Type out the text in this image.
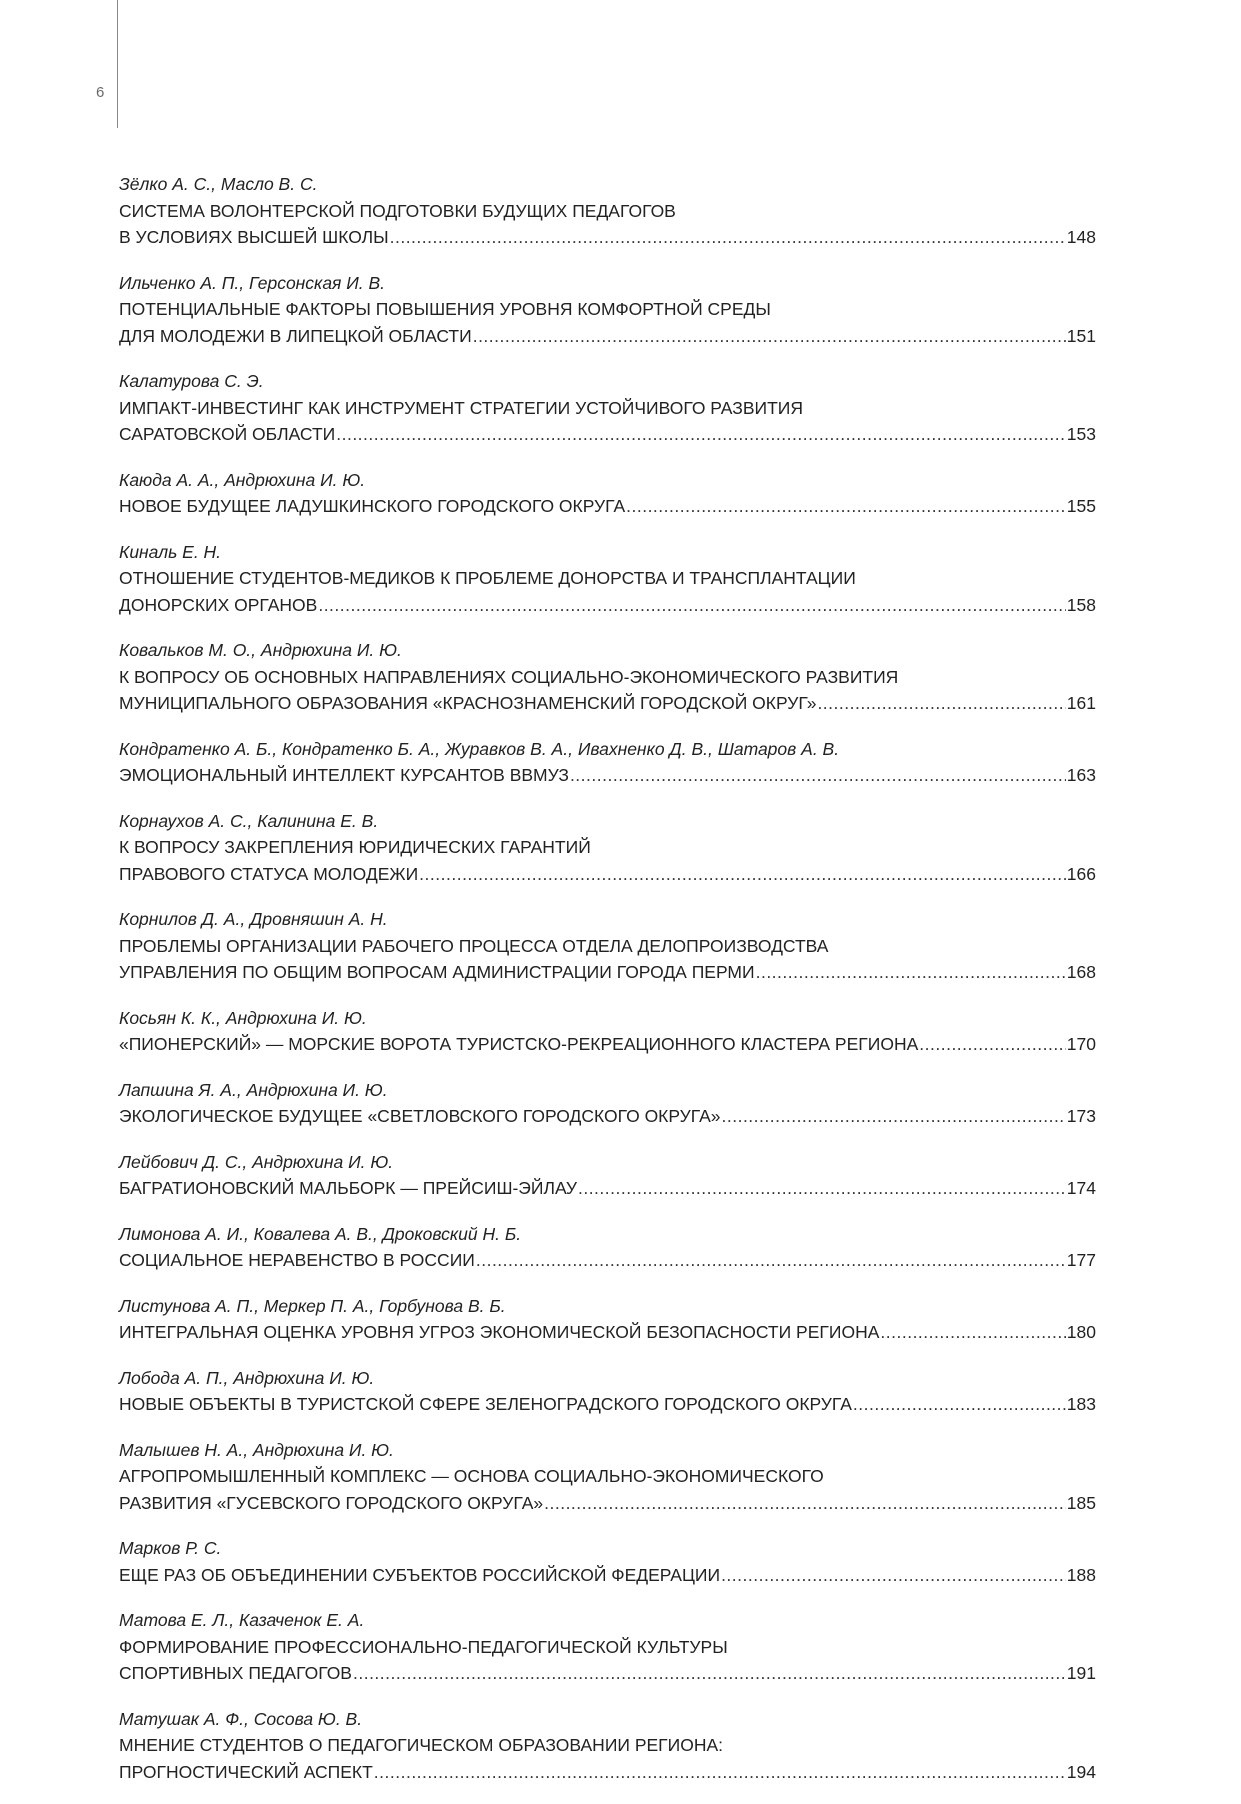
6
Зёлко А. С., Масло В. С.
СИСТЕМА ВОЛОНТЕРСКОЙ ПОДГОТОВКИ БУДУЩИХ ПЕДАГОГОВ
В УСЛОВИЯХ ВЫСШЕЙ ШКОЛЫ .....	148
Ильченко А. П., Герсонская И. В.
ПОТЕНЦИАЛЬНЫЕ ФАКТОРЫ ПОВЫШЕНИЯ УРОВНЯ КОМФОРТНОЙ СРЕДЫ
ДЛЯ МОЛОДЕЖИ В ЛИПЕЦКОЙ ОБЛАСТИ .....	151
Калатурова С. Э.
ИМПАКТ-ИНВЕСТИНГ КАК ИНСТРУМЕНТ СТРАТЕГИИ УСТОЙЧИВОГО РАЗВИТИЯ
САРАТОВСКОЙ ОБЛАСТИ .....	153
Каюда А. А., Андрюхина И. Ю.
НОВОЕ БУДУЩЕЕ ЛАДУШКИНСКОГО ГОРОДСКОГО ОКРУГА .....	155
Киналь Е. Н.
ОТНОШЕНИЕ СТУДЕНТОВ-МЕДИКОВ К ПРОБЛЕМЕ ДОНОРСТВА И ТРАНСПЛАНТАЦИИ
ДОНОРСКИХ ОРГАНОВ .....	158
Ковальков М. О., Андрюхина И. Ю.
К ВОПРОСУ ОБ ОСНОВНЫХ НАПРАВЛЕНИЯХ СОЦИАЛЬНО-ЭКОНОМИЧЕСКОГО РАЗВИТИЯ
МУНИЦИПАЛЬНОГО ОБРАЗОВАНИЯ «КРАСНОЗНАМЕНСКИЙ ГОРОДСКОЙ ОКРУГ» .....	161
Кондратенко А. Б., Кондратенко Б. А., Журавков В. А., Ивахненко Д. В., Шатаров А. В.
ЭМОЦИОНАЛЬНЫЙ ИНТЕЛЛЕКТ КУРСАНТОВ ВВМУЗ .....	163
Корнаухов А. С., Калинина Е. В.
К ВОПРОСУ ЗАКРЕПЛЕНИЯ ЮРИДИЧЕСКИХ ГАРАНТИЙ
ПРАВОВОГО СТАТУСА МОЛОДЕЖИ .....	166
Корнилов Д. А., Дровняшин А. Н.
ПРОБЛЕМЫ ОРГАНИЗАЦИИ РАБОЧЕГО ПРОЦЕССА ОТДЕЛА ДЕЛОПРОИЗВОДСТВА
УПРАВЛЕНИЯ ПО ОБЩИМ ВОПРОСАМ АДМИНИСТРАЦИИ ГОРОДА ПЕРМИ .....	168
Косьян К. К., Андрюхина И. Ю.
«ПИОНЕРСКИЙ» — МОРСКИЕ ВОРОТА ТУРИСТСКО-РЕКРЕАЦИОННОГО КЛАСТЕРА РЕГИОНА .....	170
Лапшина Я. А., Андрюхина И. Ю.
ЭКОЛОГИЧЕСКОЕ БУДУЩЕЕ «СВЕТЛОВСКОГО ГОРОДСКОГО ОКРУГА» .....	173
Лейбович Д. С., Андрюхина И. Ю.
БАГРАТИОНОВСКИЙ МАЛЬБОРК — ПРЕЙСИШ-ЭЙЛАУ .....	174
Лимонова А. И., Ковалева А. В., Дроковский Н. Б.
СОЦИАЛЬНОЕ НЕРАВЕНСТВО В РОССИИ .....	177
Листунова А. П., Меркер П. А., Горбунова В. Б.
ИНТЕГРАЛЬНАЯ ОЦЕНКА УРОВНЯ УГРОЗ ЭКОНОМИЧЕСКОЙ БЕЗОПАСНОСТИ РЕГИОНА .....	180
Лобода А. П., Андрюхина И. Ю.
НОВЫЕ ОБЪЕКТЫ В ТУРИСТСКОЙ СФЕРЕ ЗЕЛЕНОГРАДСКОГО ГОРОДСКОГО ОКРУГА .....	183
Малышев Н. А., Андрюхина И. Ю.
АГРОПРОМЫШЛЕННЫЙ КОМПЛЕКС — ОСНОВА СОЦИАЛЬНО-ЭКОНОМИЧЕСКОГО
РАЗВИТИЯ «ГУСЕВСКОГО ГОРОДСКОГО ОКРУГА» .....	185
Марков Р. С.
ЕЩЕ РАЗ ОБ ОБЪЕДИНЕНИИ СУБЪЕКТОВ РОССИЙСКОЙ ФЕДЕРАЦИИ .....	188
Матова Е. Л., Казаченок Е. А.
ФОРМИРОВАНИЕ ПРОФЕССИОНАЛЬНО-ПЕДАГОГИЧЕСКОЙ КУЛЬТУРЫ
СПОРТИВНЫХ ПЕДАГОГОВ .....	191
Матушак А. Ф., Сосова Ю. В.
МНЕНИЕ СТУДЕНТОВ О ПЕДАГОГИЧЕСКОМ ОБРАЗОВАНИИ РЕГИОНА:
ПРОГНОСТИЧЕСКИЙ АСПЕКТ .....	194
